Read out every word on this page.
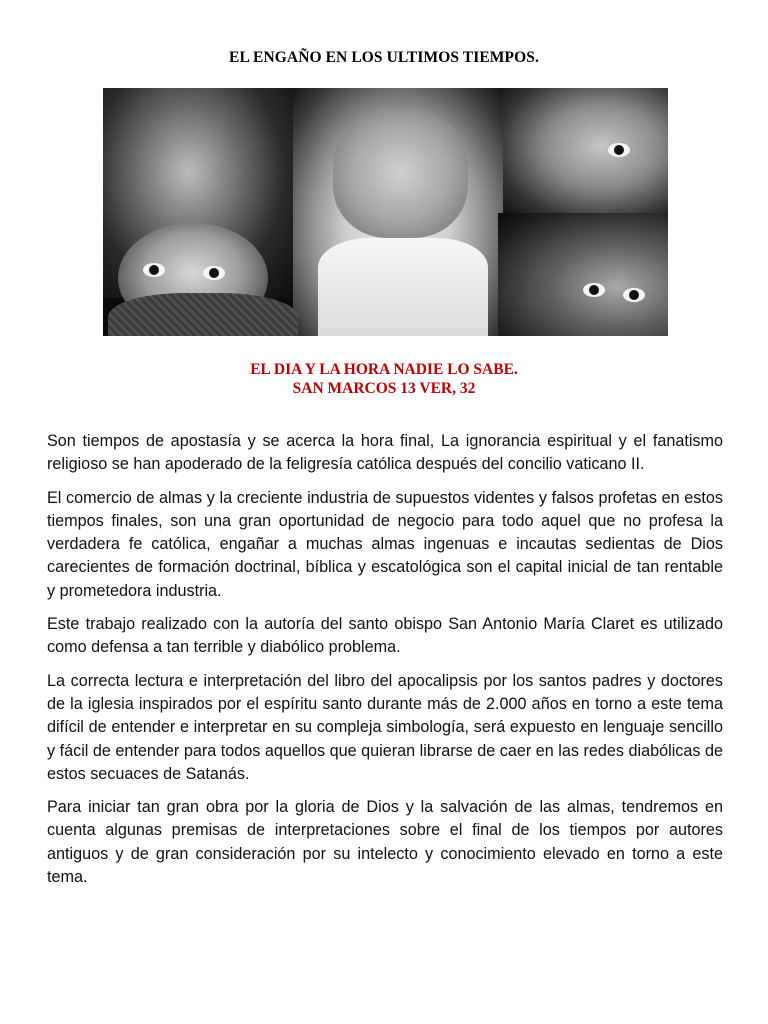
EL ENGAÑO EN LOS ULTIMOS TIEMPOS.
EL DIA Y LA HORA NADIE LO SABE.
SAN MARCOS 13 VER, 32

Son tiempos de apostasía y se acerca la hora final, La ignorancia espiritual y el fanatismo religioso se han apoderado de la feligresía católica después del concilio vaticano II.

El comercio de almas y la creciente industria de supuestos videntes y falsos profetas en estos tiempos finales, son una gran oportunidad de negocio para todo aquel que no profesa la verdadera fe católica, engañar a muchas almas ingenuas e incautas sedientas de Dios carecientes de formación doctrinal, bíblica y escatológica son el capital inicial de tan rentable y prometedora industria.

Este trabajo realizado con la autoría del santo obispo San Antonio María Claret es utilizado como defensa a tan terrible y diabólico problema.

La correcta lectura e interpretación del libro del apocalipsis por los santos padres y doctores de la iglesia inspirados por el espíritu santo durante más de 2.000 años en torno a este tema difícil de entender e interpretar en su compleja simbología, será expuesto en lenguaje sencillo y fácil de entender para todos aquellos que quieran librarse de caer en las redes diabólicas de estos secuaces de Satanás.

Para iniciar tan gran obra por la gloria de Dios y la salvación de las almas, tendremos en cuenta algunas premisas de interpretaciones sobre el final de los tiempos por autores antiguos y de gran consideración por su intelecto y conocimiento elevado en torno a este tema.
